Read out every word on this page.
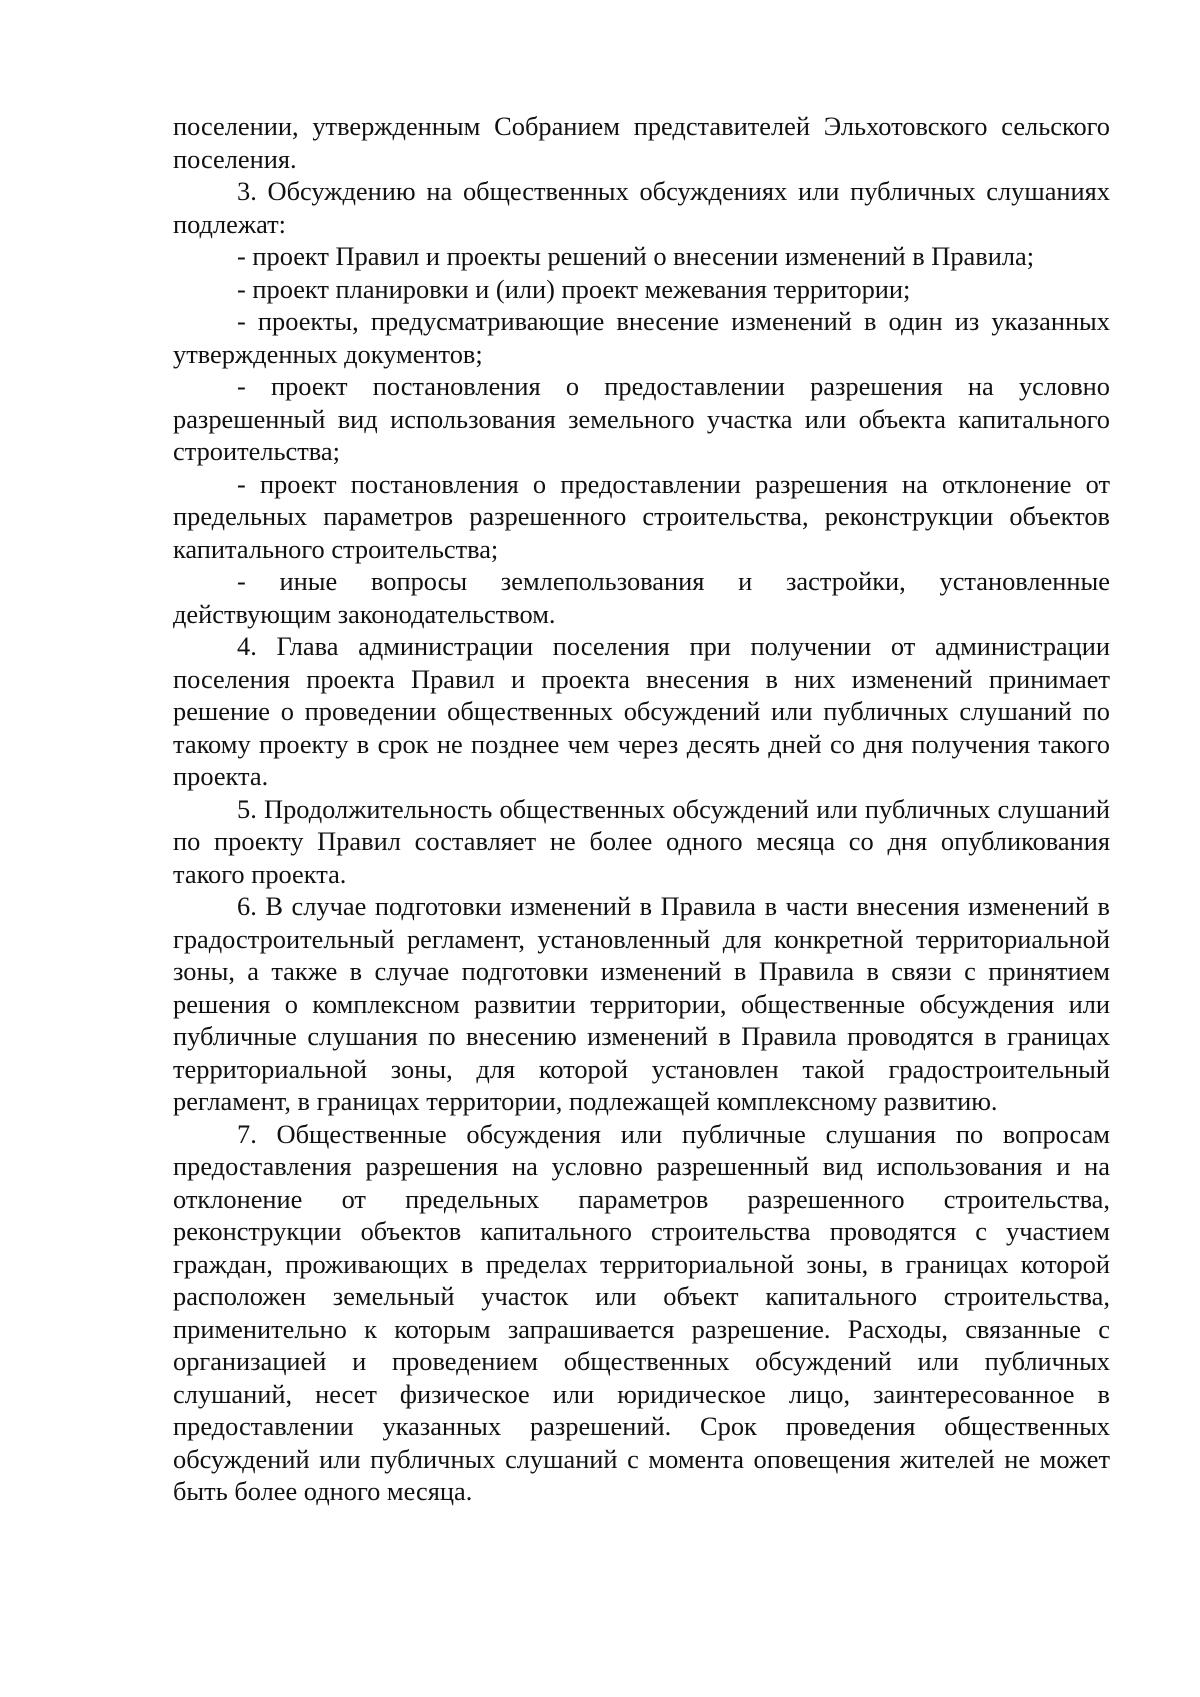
поселении, утвержденным Собранием представителей Эльхотовского сельского поселения.

3. Обсуждению на общественных обсуждениях или публичных слушаниях подлежат:

- проект Правил и проекты решений о внесении изменений в Правила;

- проект планировки и (или) проект межевания территории;

- проекты, предусматривающие внесение изменений в один из указанных утвержденных документов;

- проект постановления о предоставлении разрешения на условно разрешенный вид использования земельного участка или объекта капитального строительства;

- проект постановления о предоставлении разрешения на отклонение от предельных параметров разрешенного строительства, реконструкции объектов капитального строительства;

- иные вопросы землепользования и застройки, установленные действующим законодательством.

4. Глава администрации поселения при получении от администрации поселения проекта Правил и проекта внесения в них изменений принимает решение о проведении общественных обсуждений или публичных слушаний по такому проекту в срок не позднее чем через десять дней со дня получения такого проекта.

5. Продолжительность общественных обсуждений или публичных слушаний по проекту Правил составляет не более одного месяца со дня опубликования такого проекта.

6. В случае подготовки изменений в Правила в части внесения изменений в градостроительный регламент, установленный для конкретной территориальной зоны, а также в случае подготовки изменений в Правила в связи с принятием решения о комплексном развитии территории, общественные обсуждения или публичные слушания по внесению изменений в Правила проводятся в границах территориальной зоны, для которой установлен такой градостроительный регламент, в границах территории, подлежащей комплексному развитию.

7. Общественные обсуждения или публичные слушания по вопросам предоставления разрешения на условно разрешенный вид использования и на отклонение от предельных параметров разрешенного строительства, реконструкции объектов капитального строительства проводятся с участием граждан, проживающих в пределах территориальной зоны, в границах которой расположен земельный участок или объект капитального строительства, применительно к которым запрашивается разрешение. Расходы, связанные с организацией и проведением общественных обсуждений или публичных слушаний, несет физическое или юридическое лицо, заинтересованное в предоставлении указанных разрешений. Срок проведения общественных обсуждений или публичных слушаний с момента оповещения жителей не может быть более одного месяца.
